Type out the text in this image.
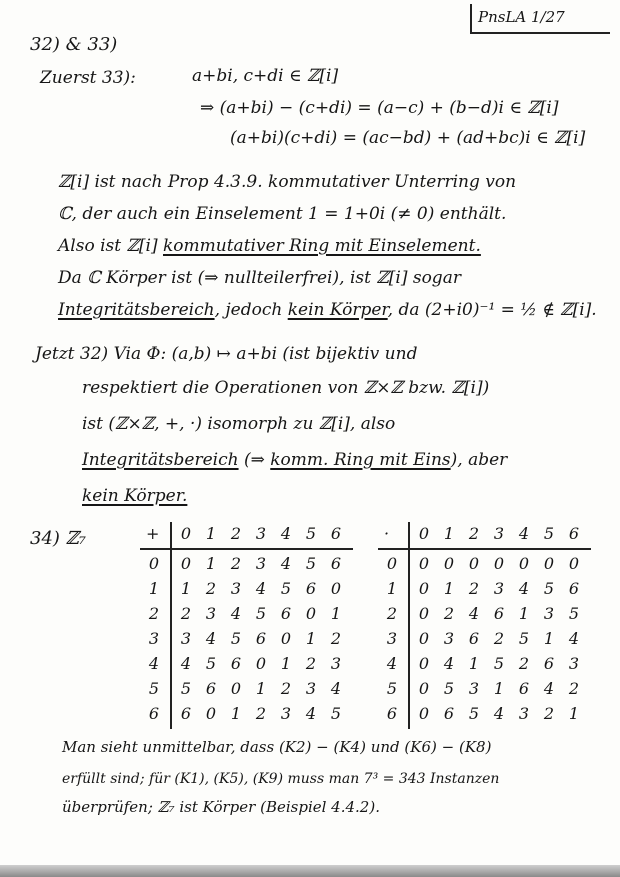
PnsLA 1/27
32) & 33)
Zuerst 33):	a+bi, c+di ∈ ℤ[i]
⇒ (a+bi) − (c+di) = (a−c) + (b−d)i ∈ ℤ[i]
(a+bi)(c+di) = (ac−bd) + (ad+bc)i ∈ ℤ[i]
ℤ[i] ist nach Prop 4.3.9. kommutativer Unterring von
ℂ, der auch ein Einselement 1 = 1+0i (≠ 0) enthält.
Also ist ℤ[i] kommutativer Ring mit Einselement.
Da ℂ Körper ist (⇒ nullteilerfrei), ist ℤ[i] sogar
Integritätsbereich, jedoch kein Körper, da (2+i0)⁻¹ = ½ ∉ ℤ[i].
Jetzt 32) Via Φ: (a,b) ↦ a+bi (ist bijektiv und
respektiert die Operationen von ℤ×ℤ bzw. ℤ[i])
ist (ℤ×ℤ, +, ·) isomorph zu ℤ[i], also
Integritätsbereich (⇒ komm. Ring mit Eins), aber
kein Körper.
34) ℤ₇	+	0 1 2 3 4 5 6
0	0 1 2 3 4 5 6
1	1 2 3 4 5 6 0
2	2 3 4 5 6 0 1
3	3 4 5 6 0 1 2
4	4 5 6 0 1 2 3
5	5 6 0 1 2 3 4
6	6 0 1 2 3 4 5
·	0 1 2 3 4 5 6
0	0 0 0 0 0 0 0
1	0 1 2 3 4 5 6
2	0 2 4 6 1 3 5
3	0 3 6 2 5 1 4
4	0 4 1 5 2 6 3
5	0 5 3 1 6 4 2
6	0 6 5 4 3 2 1
Man sieht unmittelbar, dass (K2) − (K4) und (K6) − (K8)
erfüllt sind; für (K1), (K5), (K9) muss man 7³ = 343 Instanzen
überprüfen; ℤ₇ ist Körper (Beispiel 4.4.2).
